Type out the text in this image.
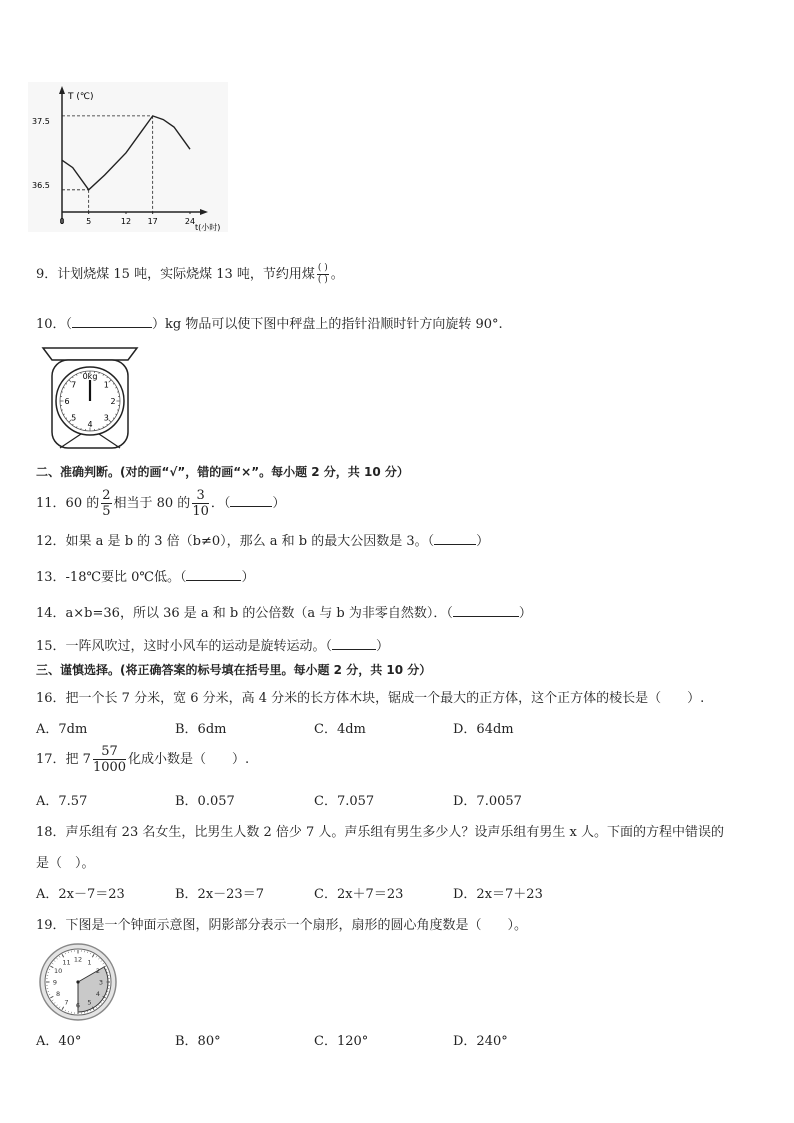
0	5	12 17	24
T (℃)
t(小时)
37.5
36.5
9．计划烧煤 15 吨，实际烧煤 13 吨，节约用煤 $\frac{( )}{( )}$ 。
10．（	）kg 物品可以使下图中秤盘上的指针沿顺时针方向旋转 90°.
1
2
3
4
5
6
7
0kg
二、准确判断。(对的画“√”，错的画“×”。每小题 2 分，共 10 分）
11．60 的 $\frac{2}{5}$ 相当于 80 的 $\frac{3}{10}$ ．（	）
12．如果 a 是 b 的 3 倍（b≠0），那么 a 和 b 的最大公因数是 3。（	）
13．-18℃要比 0℃低。（	）
14．a×b=36，所以 36 是 a 和 b 的公倍数（a 与 b 为非零自然数）．（	）
15．一阵风吹过，这时小风车的运动是旋转运动。（	）
三、谨慎选择。(将正确答案的标号填在括号里。每小题 2 分，共 10 分）
16．把一个长 7 分米，宽 6 分米，高 4 分米的长方体木块，锯成一个最大的正方体，这个正方体的棱长是（　　）.
A．7dm	B．6dm	C．4dm	D．64dm
17．把 $7 \frac{57}{1000}$ 化成小数是（　　）.
A．7.57	B．0.057	C．7.057	D．7.0057
18．声乐组有 23 名女生，比男生人数 2 倍少 7 人。声乐组有男生多少人？设声乐组有男生 x 人。下面的方程中错误的
是（　）。
A．2x－7＝23	B．2x－23＝7	C．2x＋7＝23	D．2x＝7＋23
19．下图是一个钟面示意图，阴影部分表示一个扇形，扇形的圆心角度数是（　　）。
12 1
2
3
4
5
6
7
8
9
10
11
A．40°	B．80°	C．120°	D．240°
